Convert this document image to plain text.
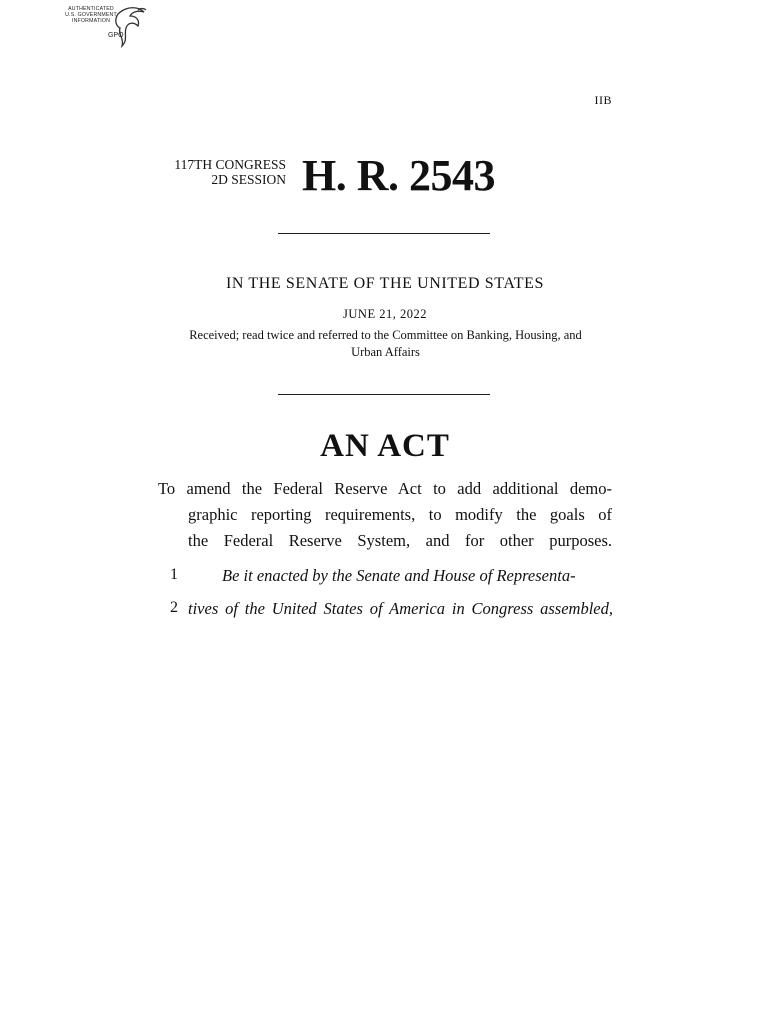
AUTHENTICATED
U.S. GOVERNMENT
INFORMATION
GPO
IIB
117TH CONGRESS
2D SESSION H. R. 2543
IN THE SENATE OF THE UNITED STATES
JUNE 21, 2022
Received; read twice and referred to the Committee on Banking, Housing, and
Urban Affairs
AN ACT
To amend the Federal Reserve Act to add additional demo-
graphic reporting requirements, to modify the goals of
the Federal Reserve System, and for other purposes.
1	Be it enacted by the Senate and House of Representa-
2 tives of the United States of America in Congress assembled,
